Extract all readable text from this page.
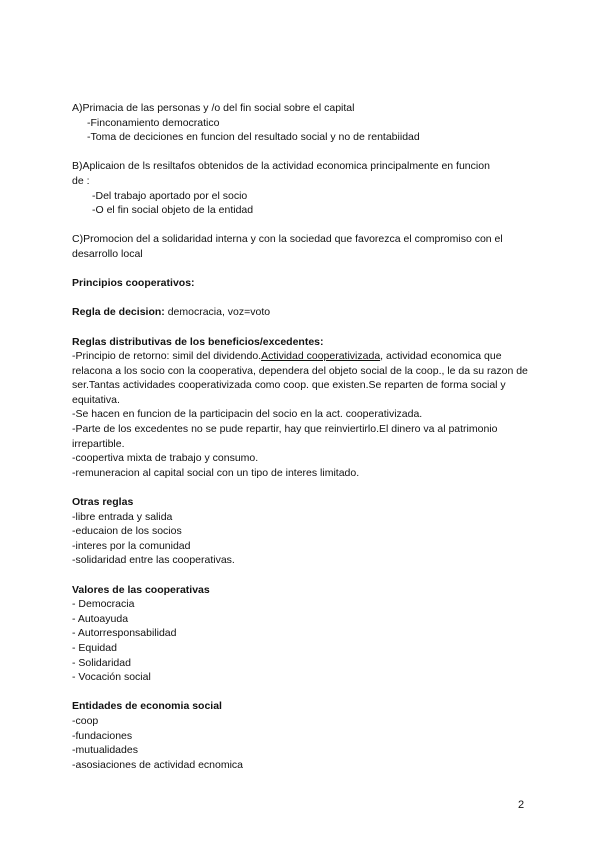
A)Primacia de las personas y /o del fin social sobre el capital

-Finconamiento democratico

-Toma de deciciones en funcion del resultado social y no de rentabiidad

B)Aplicaion de ls resiltafos obtenidos de la actividad economica principalmente en funcion

de :

-Del trabajo aportado por el socio

-O el fin social objeto de la entidad

C)Promocion del a solidaridad interna y con la sociedad que favorezca el compromiso con el desarrollo local

Principios cooperativos:

Regla de decision: democracia, voz=voto

Reglas distributivas de los beneficios/excedentes:

-Principio de retorno: simil del dividendo.Actividad cooperativizada, actividad economica que relacona a los socio con la cooperativa, dependera del objeto social de la coop., le da su razon de ser.Tantas actividades cooperativizada como coop. que existen.Se reparten de forma social y equitativa.

-Se hacen en funcion de la participacin del socio en la act. cooperativizada.

-Parte de los excedentes no se pude repartir, hay que reinviertirlo.El dinero va al patrimonio irrepartible.

-coopertiva mixta de trabajo y consumo.

-remuneracion al capital social con un tipo de interes limitado.

Otras reglas

-libre entrada y salida

-educaion de los socios

-interes por la comunidad

-solidaridad entre las cooperativas.

Valores de las cooperativas

- Democracia

- Autoayuda

- Autorresponsabilidad

- Equidad

- Solidaridad

- Vocación social

Entidades de economia social

-coop

-fundaciones

-mutualidades

-asosiaciones de actividad ecnomica

2
